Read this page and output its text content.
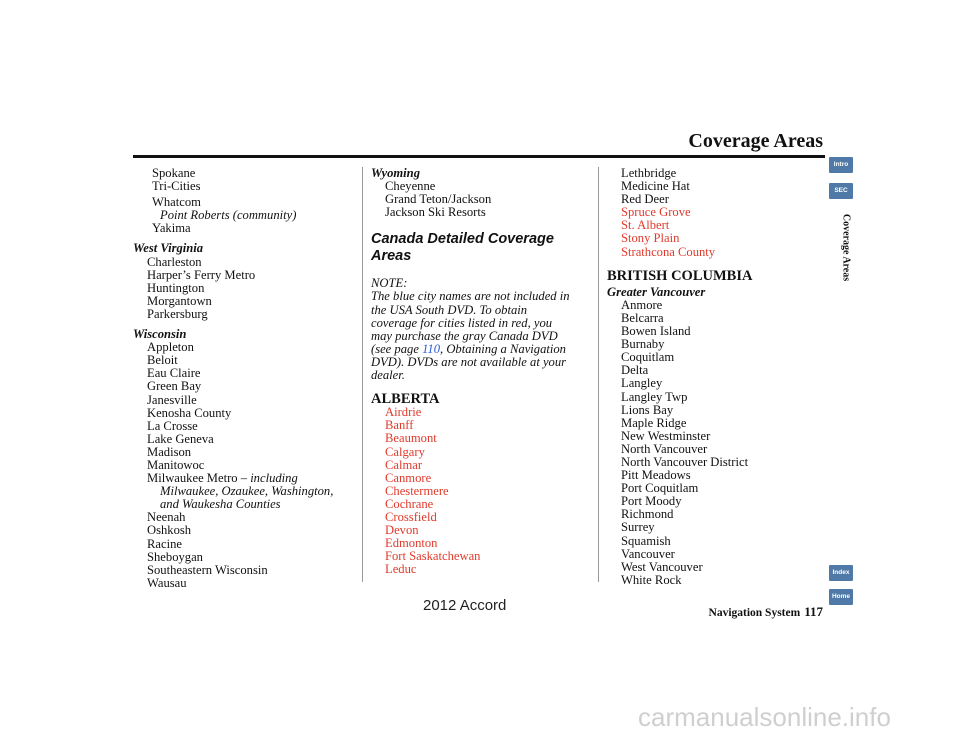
Coverage Areas
Spokane
Tri-Cities
Whatcom
Point Roberts (community)
Yakima
West Virginia
Charleston
Harper’s Ferry Metro
Huntington
Morgantown
Parkersburg
Wisconsin
Appleton
Beloit
Eau Claire
Green Bay
Janesville
Kenosha County
La Crosse
Lake Geneva
Madison
Manitowoc
Milwaukee Metro – including
Milwaukee, Ozaukee, Washington,
and Waukesha Counties
Neenah
Oshkosh
Racine
Sheboygan
Southeastern Wisconsin
Wausau
Wyoming
Cheyenne
Grand Teton/Jackson
Jackson Ski Resorts
Canada Detailed Coverage
Areas
NOTE:
The blue city names are not included in
the USA South DVD. To obtain
coverage for cities listed in red, you
may purchase the gray Canada DVD
(see page 110, Obtaining a Navigation
DVD). DVDs are not available at your
dealer.
ALBERTA
Airdrie
Banff
Beaumont
Calgary
Calmar
Canmore
Chestermere
Cochrane
Crossfield
Devon
Edmonton
Fort Saskatchewan
Leduc
Lethbridge
Medicine Hat
Red Deer
Spruce Grove
St. Albert
Stony Plain
Strathcona County
BRITISH COLUMBIA
Greater Vancouver
Anmore
Belcarra
Bowen Island
Burnaby
Coquitlam
Delta
Langley
Langley Twp
Lions Bay
Maple Ridge
New Westminster
North Vancouver
North Vancouver District
Pitt Meadows
Port Coquitlam
Port Moody
Richmond
Surrey
Squamish
Vancouver
West Vancouver
White Rock
Intro
SEC
Coverage Areas
Index
Home
Navigation System 117
2012 Accord
carmanualsonline.info
